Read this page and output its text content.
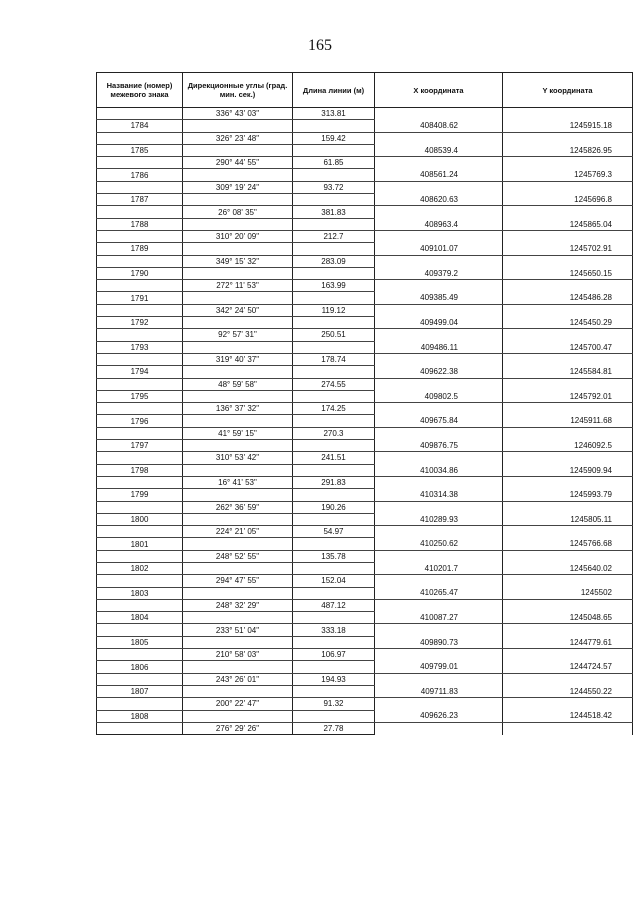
165
Название (номер) межевого знака	Дирекционные углы (град. мин. сек.)	Длина линии (м)	Х координата	Y координата
	336° 43' 03"	313.81		
1784			408408.62	1245915.18
	326° 23' 48"	159.42		
1785			408539.4	1245826.95
	290° 44' 55"	61.85		
1786			408561.24	1245769.3
	309° 19' 24"	93.72		
1787			408620.63	1245696.8
	26° 08' 35"	381.83		
1788			408963.4	1245865.04
	310° 20' 09"	212.7		
1789			409101.07	1245702.91
	349° 15' 32"	283.09		
1790			409379.2	1245650.15
	272° 11' 53"	163.99		
1791			409385.49	1245486.28
	342° 24' 50"	119.12		
1792			409499.04	1245450.29
	92° 57' 31"	250.51		
1793			409486.11	1245700.47
	319° 40' 37"	178.74		
1794			409622.38	1245584.81
	48° 59' 58"	274.55		
1795			409802.5	1245792.01
	136° 37' 32"	174.25		
1796			409675.84	1245911.68
	41° 59' 15"	270.3		
1797			409876.75	1246092.5
	310° 53' 42"	241.51		
1798			410034.86	1245909.94
	16° 41' 53"	291.83		
1799			410314.38	1245993.79
	262° 36' 59"	190.26		
1800			410289.93	1245805.11
	224° 21' 05"	54.97		
1801			410250.62	1245766.68
	248° 52' 55"	135.78		
1802			410201.7	1245640.02
	294° 47' 55"	152.04		
1803			410265.47	1245502
	248° 32' 29"	487.12		
1804			410087.27	1245048.65
	233° 51' 04"	333.18		
1805			409890.73	1244779.61
	210° 58' 03"	106.97		
1806			409799.01	1244724.57
	243° 26' 01"	194.93		
1807			409711.83	1244550.22
	200° 22' 47"	91.32		
1808			409626.23	1244518.42
	276° 29' 26"	27.78		
